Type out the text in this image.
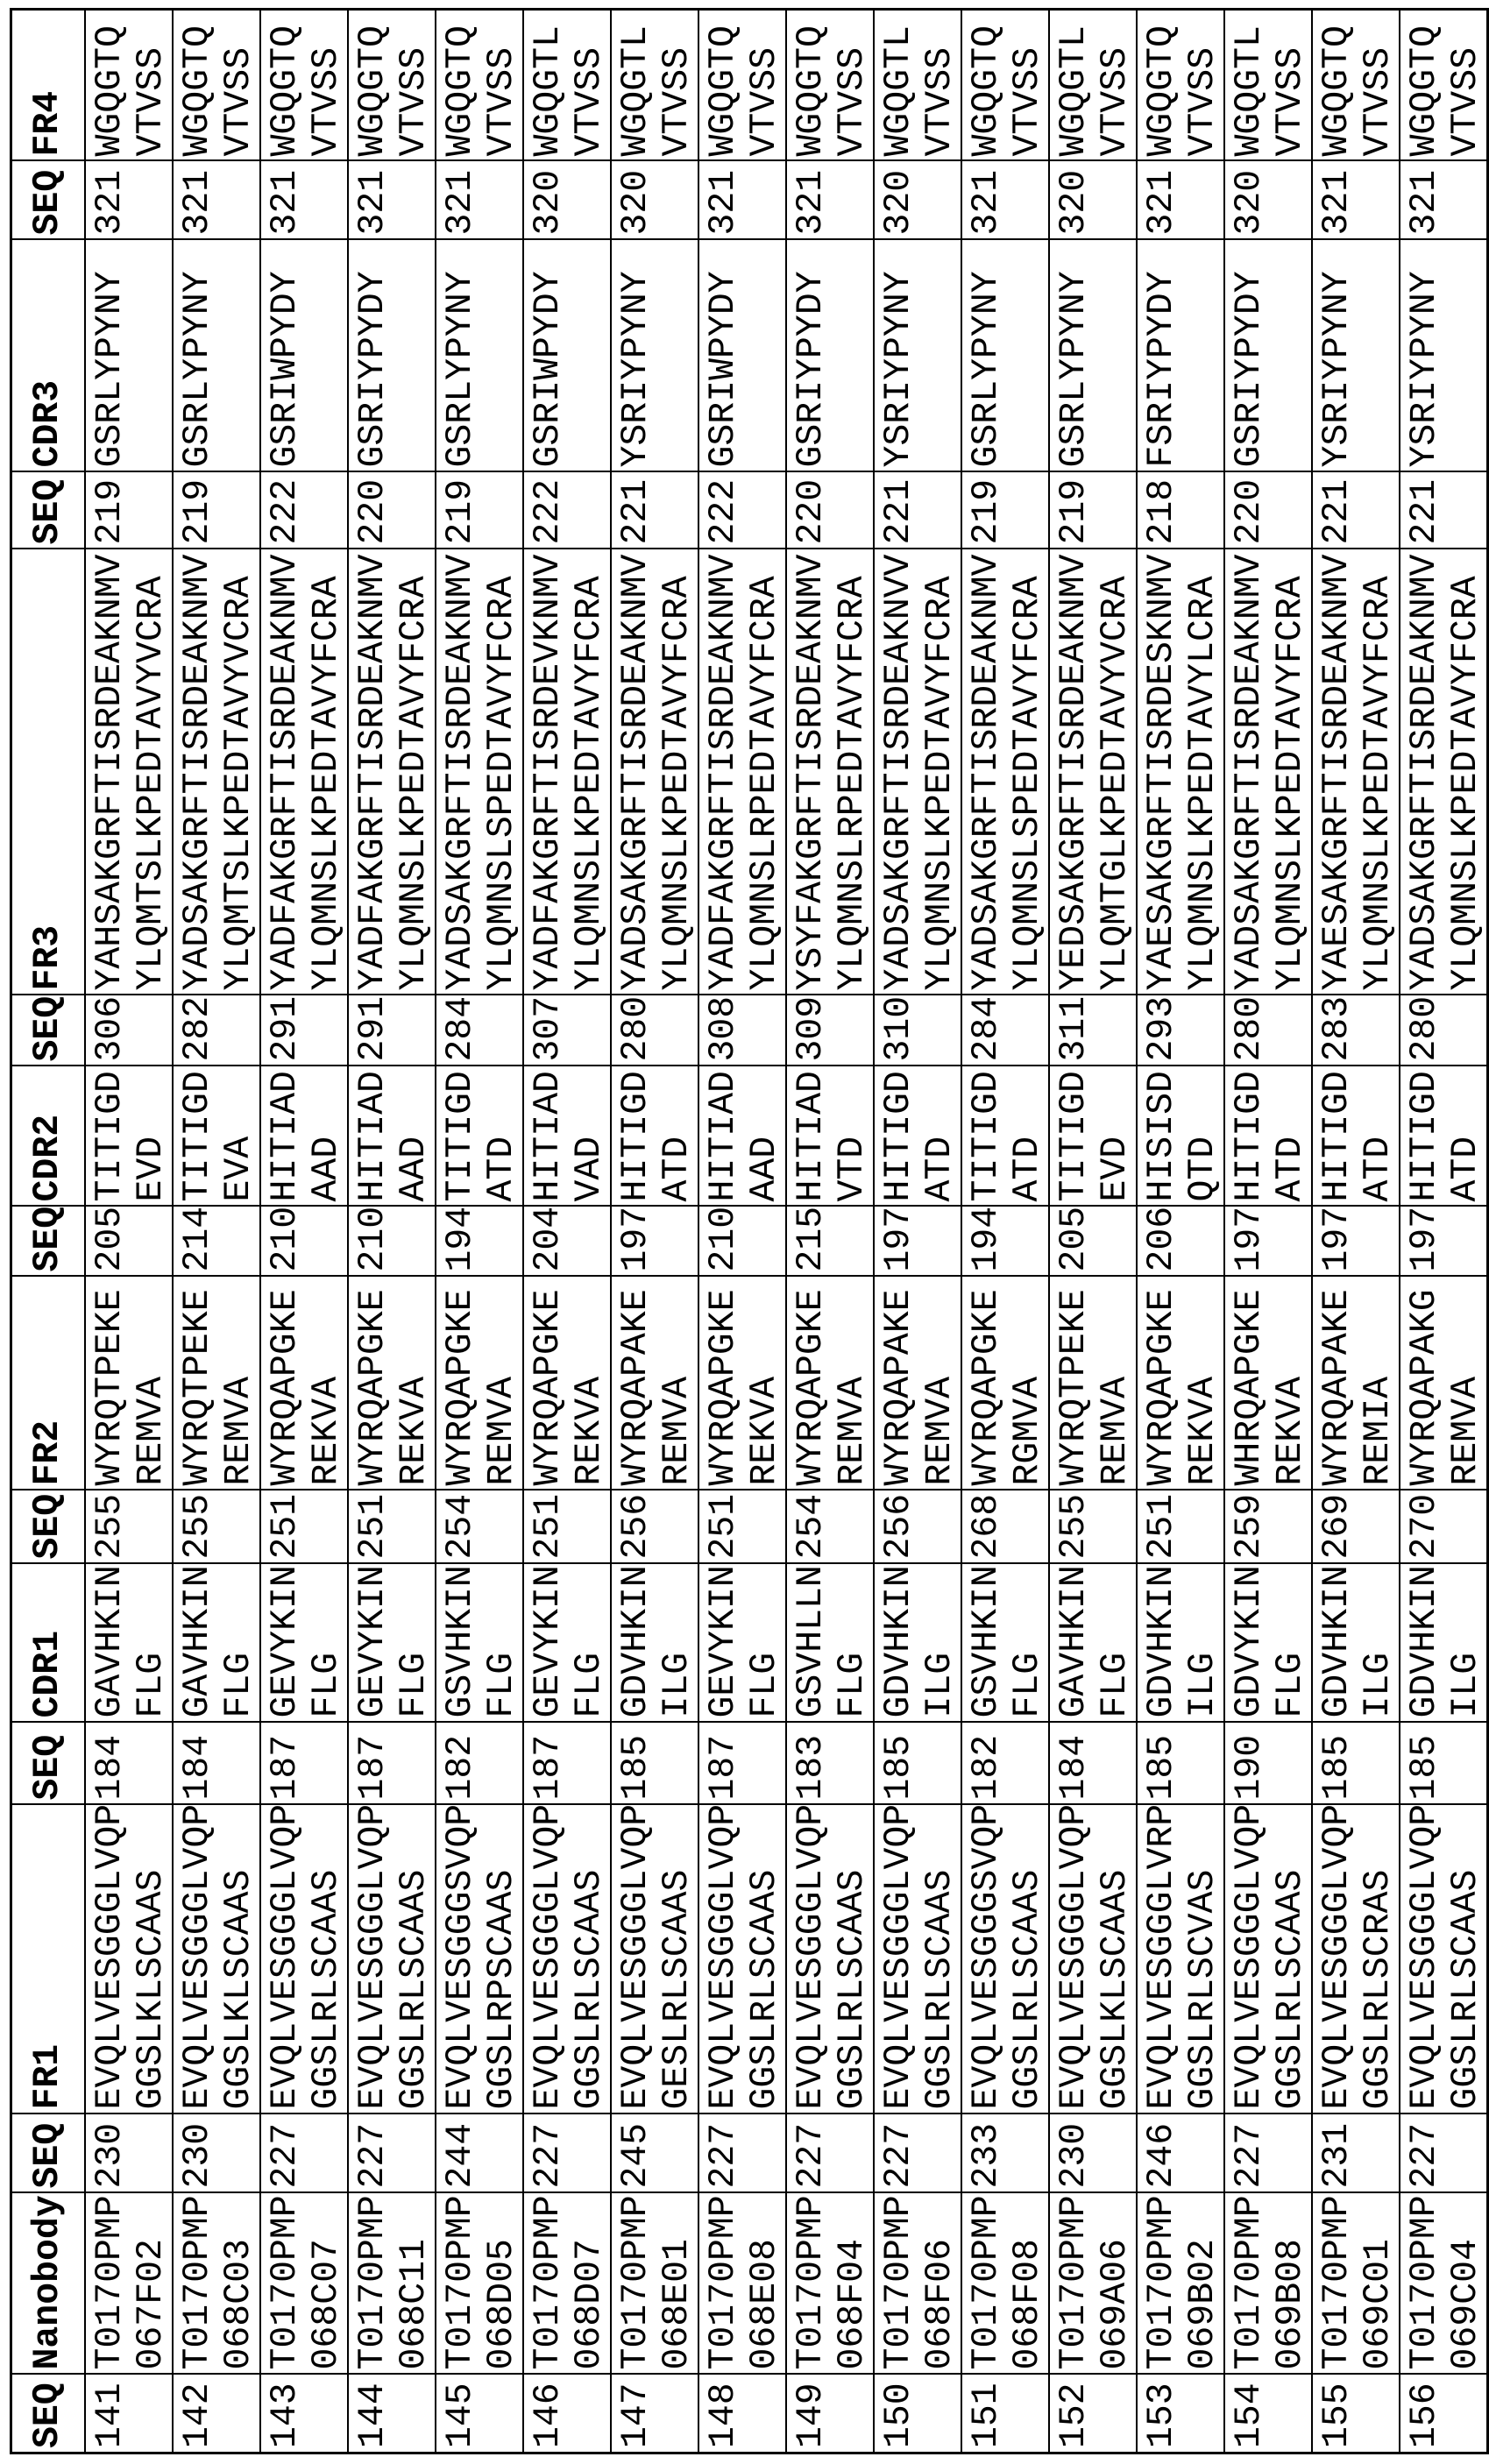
SEQ	Nanobody	SEQ	FR1	SEQ	CDR1	SEQ	FR2	SEQ	CDR2	SEQ	FR3	SEQ	CDR3	SEQ	FR4

141	T0170PMP067F02	230	EVQLVESGGGLVQPGGSLKLSCAAS	184	GAVHKINFLG	255	WYRQTPEKEREMVA	205	TITIGDEVD	306	YAHSAKGRFTISRDEAKNMVYLQMTSLKPEDTAVYVCRA	219	GSRLYPYNY	321	WGQGTQVTVSS

142	T0170PMP068C03	230	EVQLVESGGGLVQPGGSLKLSCAAS	184	GAVHKINFLG	255	WYRQTPEKEREMVA	214	TITIGDEVA	282	YADSAKGRFTISRDEAKNMVYLQMTSLKPEDTAVYVCRA	219	GSRLYPYNY	321	WGQGTQVTVSS

143	T0170PMP068C07	227	EVQLVESGGGLVQPGGSLRLSCAAS	187	GEVYKINFLG	251	WYRQAPGKEREKVA	210	HITIADAAD	291	YADFAKGRFTISRDEAKNMVYLQMNSLKPEDTAVYFCRA	222	GSRIWPYDY	321	WGQGTQVTVSS

144	T0170PMP068C11	227	EVQLVESGGGLVQPGGSLRLSCAAS	187	GEVYKINFLG	251	WYRQAPGKEREKVA	210	HITIADAAD	291	YADFAKGRFTISRDEAKNMVYLQMNSLKPEDTAVYFCRA	220	GSRIYPYDY	321	WGQGTQVTVSS

145	T0170PMP068D05	244	EVQLVESGGGSVQPGGSLRPSCAAS	182	GSVHKINFLG	254	WYRQAPGKEREMVA	194	TITIGDATD	284	YADSAKGRFTISRDEAKNMVYLQMNSLSPEDTAVYFCRA	219	GSRLYPYNY	321	WGQGTQVTVSS

146	T0170PMP068D07	227	EVQLVESGGGLVQPGGSLRLSCAAS	187	GEVYKINFLG	251	WYRQAPGKEREKVA	204	HITIADVAD	307	YADFAKGRFTISRDEVKNMVYLQMNSLKPEDTAVYFCRA	222	GSRIWPYDY	320	WGQGTLVTVSS

147	T0170PMP068E01	245	EVQLVESGGGLVQPGESLRLSCAAS	185	GDVHKINILG	256	WYRQAPAKEREMVA	197	HITIGDATD	280	YADSAKGRFTISRDEAKNMVYLQMNSLKPEDTAVYFCRA	221	YSRIYPYNY	320	WGQGTLVTVSS

148	T0170PMP068E08	227	EVQLVESGGGLVQPGGSLRLSCAAS	187	GEVYKINFLG	251	WYRQAPGKEREKVA	210	HITIADAAD	308	YADFAKGRFTISRDEAKNMVYLQMNSLRPEDTAVYFCRA	222	GSRIWPYDY	321	WGQGTQVTVSS

149	T0170PMP068F04	227	EVQLVESGGGLVQPGGSLRLSCAAS	183	GSVHLLNFLG	254	WYRQAPGKEREMVA	215	HITIADVTD	309	YSYFAKGRFTISRDEAKNMVYLQMNSLRPEDTAVYFCRA	220	GSRIYPYDY	321	WGQGTQVTVSS

150	T0170PMP068F06	227	EVQLVESGGGLVQPGGSLRLSCAAS	185	GDVHKINILG	256	WYRQAPAKEREMVA	197	HITIGDATD	310	YADSAKGRFTISRDEAKNVVYLQMNSLKPEDTAVYFCRA	221	YSRIYPYNY	320	WGQGTLVTVSS

151	T0170PMP068F08	233	EVQLVESGGGSVQPGGSLRLSCAAS	182	GSVHKINFLG	268	WYRQAPGKERGMVA	194	TITIGDATD	284	YADSAKGRFTISRDEAKNMVYLQMNSLSPEDTAVYFCRA	219	GSRLYPYNY	321	WGQGTQVTVSS

152	T0170PMP069A06	230	EVQLVESGGGLVQPGGSLKLSCAAS	184	GAVHKINFLG	255	WYRQTPEKEREMVA	205	TITIGDEVD	311	YEDSAKGRFTISRDEAKNMVYLQMTGLKPEDTAVYVCRA	219	GSRLYPYNY	320	WGQGTLVTVSS

153	T0170PMP069B02	246	EVQLVESGGGLVRPGGSLRLSCVAS	185	GDVHKINILG	251	WYRQAPGKEREKVA	206	HISISDQTD	293	YAESAKGRFTISRDESKNMVYLQMNSLKPEDTAVYLCRA	218	FSRIYPYDY	321	WGQGTQVTVSS

154	T0170PMP069B08	227	EVQLVESGGGLVQPGGSLRLSCAAS	190	GDVYKINFLG	259	WHRQAPGKEREKVA	197	HITIGDATD	280	YADSAKGRFTISRDEAKNMVYLQMNSLKPEDTAVYFCRA	220	GSRIYPYDY	320	WGQGTLVTVSS

155	T0170PMP069C01	231	EVQLVESGGGLVQPGGSLRLSCRAS	185	GDVHKINILG	269	WYRQAPAKEREMIA	197	HITIGDATD	283	YAESAKGRFTISRDEAKNMVYLQMNSLKPEDTAVYFCRA	221	YSRIYPYNY	321	WGQGTQVTVSS

156	T0170PMP069C04	227	EVQLVESGGGLVQPGGSLRLSCAAS	185	GDVHKINILG	270	WYRQAPAKGREMVA	197	HITIGDATD	280	YADSAKGRFTISRDEAKNMVYLQMNSLKPEDTAVYFCRA	221	YSRIYPYNY	321	WGQGTQVTVSS
